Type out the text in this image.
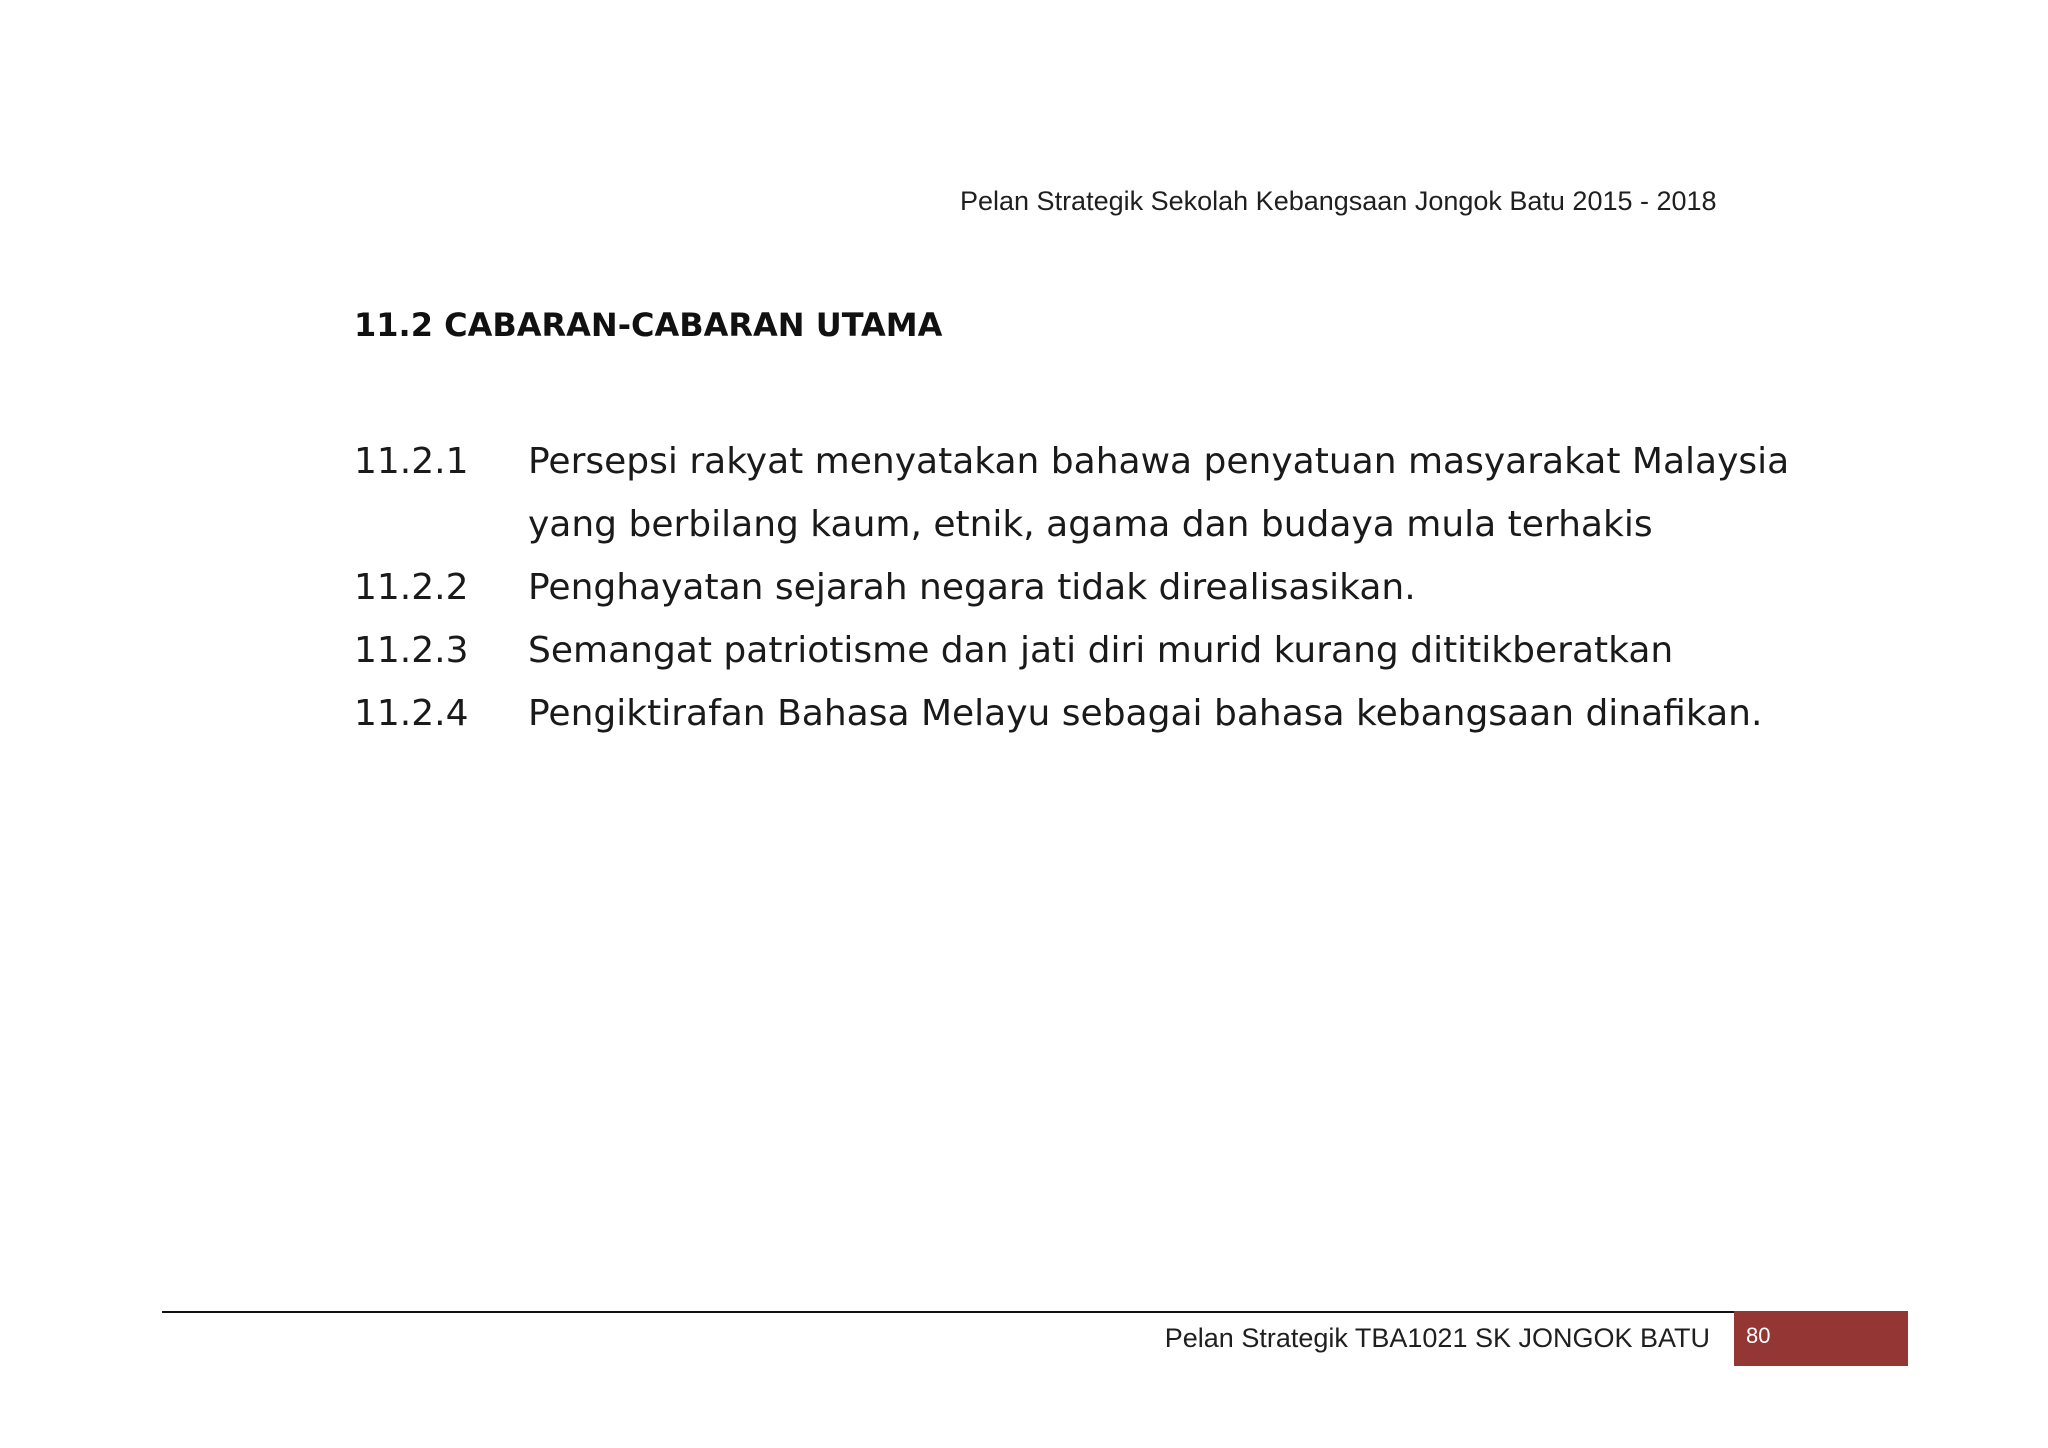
Pelan Strategik Sekolah Kebangsaan Jongok Batu 2015 - 2018
11.2 CABARAN-CABARAN UTAMA
11.2.1	Persepsi rakyat menyatakan bahawa penyatuan masyarakat Malaysia yang berbilang kaum, etnik, agama dan budaya mula terhakis
11.2.2	Penghayatan sejarah negara tidak direalisasikan.
11.2.3	Semangat patriotisme dan jati diri murid kurang dititikberatkan
11.2.4	Pengiktirafan Bahasa Melayu sebagai bahasa kebangsaan dinafikan.
Pelan Strategik TBA1021 SK JONGOK BATU 80
